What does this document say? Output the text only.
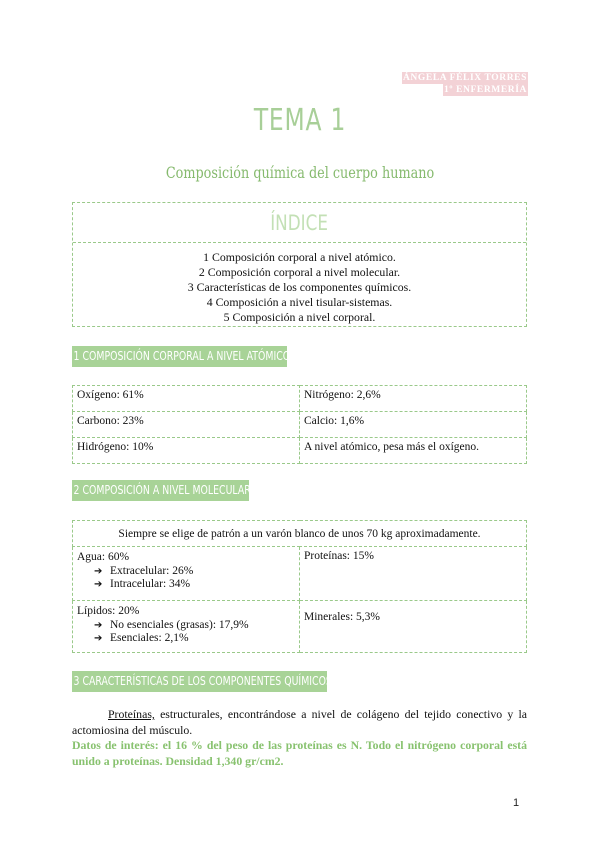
ÁNGELA FÉLIX TORRES
1º ENFERMERÍA
TEMA 1
Composición química del cuerpo humano
ÍNDICE
1 Composición corporal a nivel atómico.
2 Composición corporal a nivel molecular.
3 Características de los componentes químicos.
4 Composición a nivel tisular-sistemas.
5 Composición a nivel corporal.
1 COMPOSICIÓN CORPORAL A NIVEL ATÓMICO
Oxígeno: 61%	Nitrógeno: 2,6%
Carbono: 23%	Calcio: 1,6%
Hidrógeno: 10%	A nivel atómico, pesa más el oxígeno.
2 COMPOSICIÓN A NIVEL MOLECULAR
Siempre se elige de patrón a un varón blanco de unos 70 kg aproximadamente.	

Agua: 60%
➔ Extracelular: 26%
➔ Intracelular: 34%	Proteínas: 15%

Lípidos: 20%
➔ No esenciales (grasas): 17,9%
➔ Esenciales: 2,1%	Minerales: 5,3%
3 CARACTERÍSTICAS DE LOS COMPONENTES QUÍMICOS

Proteínas, estructurales, encontrándose a nivel de colágeno del tejido conectivo y la actomiosina del músculo.

Datos de interés: el 16 % del peso de las proteínas es N. Todo el nitrógeno corporal está unido a proteínas. Densidad 1,340 gr/cm2.

1
